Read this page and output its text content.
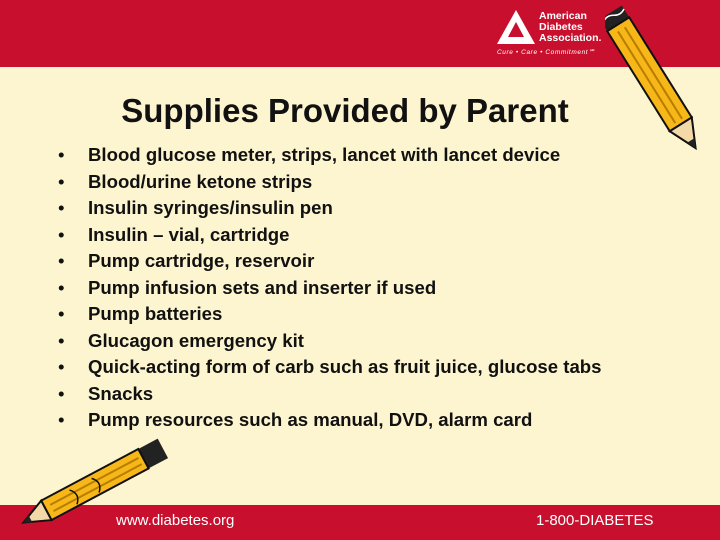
American
Diabetes
Association.
Cure • Care • Commitment℠
Supplies Provided by Parent
• Blood glucose meter, strips, lancet with lancet device
• Blood/urine ketone strips
• Insulin syringes/insulin pen
• Insulin – vial, cartridge
• Pump cartridge, reservoir
• Pump infusion sets and inserter if used
• Pump batteries
• Glucagon emergency kit
• Quick-acting form of carb such as fruit juice, glucose tabs
• Snacks
• Pump resources such as manual, DVD, alarm card
www.diabetes.org	1-800-DIABETES
